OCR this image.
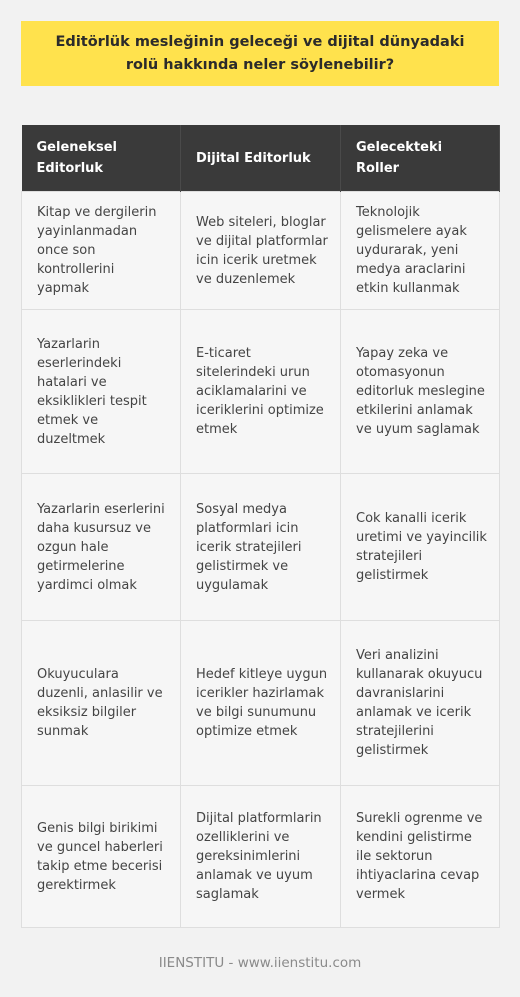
Editörlük mesleğinin geleceği ve dijital dünyadaki rolü hakkında neler söylenebilir?
Geleneksel Editorluk	Dijital Editorluk	Gelecekteki Roller
Kitap ve dergilerin yayinlanmadan once son kontrollerini yapmak	Web siteleri, bloglar ve dijital platformlar icin icerik uretmek ve duzenlemek	Teknolojik gelismelere ayak uydurarak, yeni medya araclarini etkin kullanmak
Yazarlarin eserlerindeki hatalari ve eksiklikleri tespit etmek ve duzeltmek	E-ticaret sitelerindeki urun aciklamalarini ve iceriklerini optimize etmek	Yapay zeka ve otomasyonun editorluk meslegine etkilerini anlamak ve uyum saglamak
Yazarlarin eserlerini daha kusursuz ve ozgun hale getirmelerine yardimci olmak	Sosyal medya platformlari icin icerik stratejileri gelistirmek ve uygulamak	Cok kanalli icerik uretimi ve yayincilik stratejileri gelistirmek
Okuyuculara duzenli, anlasilir ve eksiksiz bilgiler sunmak	Hedef kitleye uygun icerikler hazirlamak ve bilgi sunumunu optimize etmek	Veri analizini kullanarak okuyucu davranislarini anlamak ve icerik stratejilerini gelistirmek
Genis bilgi birikimi ve guncel haberleri takip etme becerisi gerektirmek	Dijital platformlarin ozelliklerini ve gereksinimlerini anlamak ve uyum saglamak	Surekli ogrenme ve kendini gelistirme ile sektorun ihtiyaclarina cevap vermek
IIENSTITU - www.iienstitu.com
